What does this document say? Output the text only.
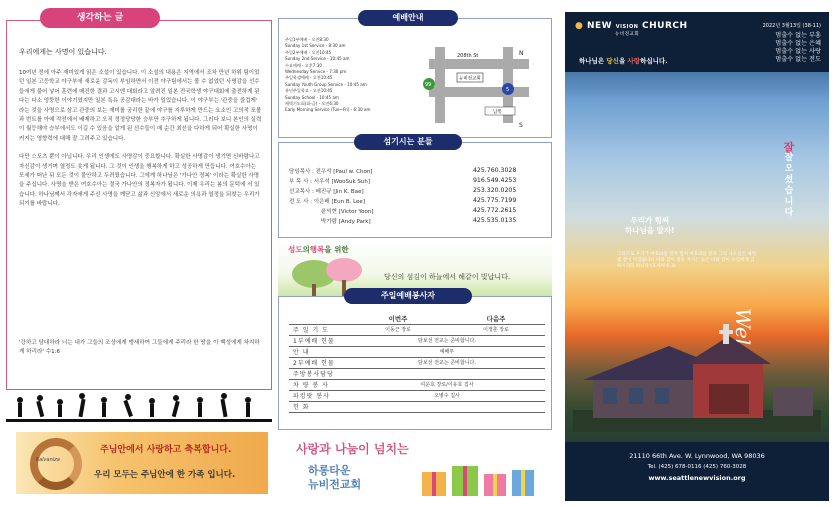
우리에게는 사명이 있습니다.

10여년 전에 아주 재미있게 읽은 소설이 있습니다. 이 소설의 내용은 지역에서 조차 만년 하위 팀이었던 일본 고등학교 야구부에 새로운 감독이 부임하면서 이전 야구팀에서는 볼 수 없었던 사명감을 선수들에게 불어 넣어 훈련에 매진한 결과 고시엔 대회라고 알려진 일본 전국학생 야구대회에 출전하게 된다는 다소 엉뚱한 이야기였지만 일본 특유 공감대라는 바가 일었습니다. 이 야구부는 '관중을 즐겁게' 라는 것을 사명으로 삼고 관중의 보는 재미를 궁리한 끝에 야구를 지루하게 만드는 요소인 고의적 포볼과 번트를 아예 작전에서 배제하고 오직 정정당당한 승부만 추구하게 됩니다. 그러다 보니 본인의 실력이 월등해야 승부에서도 이길 수 있음을 알게 된 선수들이 매 순간 최선을 다하게 되어 확실한 사명이 커지는 영향력에 대해 잘 그려주고 있습니다.

다만 스포츠 뿐이 아닙니다. 우리 인생에도 사명감이 중요합니다. 확실한 사명감이 생기면 신바람나고 자신감이 생기며 열정도 솟게 됩니다. 그 것이 인생을 행복하게 하고 성공하게 만듭니다. 여호수아는 모세가 떠난 뒤 모든 것이 불안하고 두려웠습니다. 그에게 하나님은 '가나안 정복' 이라는 확실한 사명을 주십니다. 사명을 받은 여호수아는 결국 가나안의 정복자가 됩니다. 이제 우리는 봄의 문턱에 서 있습니다. 하나님께서 각자에게 주신 사명을 깨닫고 삶과 신앙에서 새로운 의욕과 열정을 되찾는 우리가 되기를 바랍니다.

'강하고 담대하라 너는 내가 그들의 조상에게 맹세하여 그들에게 주리라 한 땅을 이 백성에게 차지하게 하리라' 수1:6
생각하는 글
Kalvaniza
주님안에서 사랑하고 축복합니다.
우리 모두는 주님안에 한 가족 입니다.
주일1부예배 - 오전8:30
Sunday 1st Service - 8:30 am
주일2부예배 - 오전10:45
Sunday 2nd Service - 10:45 am
수요예배 - 오후7:30
Wednesday Service - 7:30 pm
주일학생예배 - 오전10:45
Sunday Youth Group Service - 10:45 am
유년주일학교 - 오전10:45
Sunday School - 10:45 am
새벽기도회(화-금) - 오전6:30
Early Morning Service (Tue~Fri) - 6:30 am
208th St
뉴비전교회
99
5
N
S
남쪽
예배안내
담임목사 : 전우석 [Paul w. Chon]	425.760.3028
부 목 사 : 서우석 [WooSuk Suh]	916.549.4253
선교목사 : 배진규 [Jin K. Bae]	253.320.0205
전 도 사 : 이은배 [Eun B. Lee]	425.775.7199
윤익현 [Victor Yoon]	425.772.2615
박가람 [Andy Park]	425.535.0135
섬기시는 분들
성도의행복을 위한
당신의 섬김이 하늘에서 해같이 빛납니다.
	이번주	다음주
주 일 기 도	이동근 장로	이정훈 장로
1부예배 헌물	담보선 전교는 준비합니다.	
안 내	예배부	
2부예배 헌물	담보선 전교는 준비합니다.	
주방봉사담당		
차 량 봉 사	여운호 장로/이유호 집사	
파킹랏 봉사	오병수 집사	
헌 화		
주일예배봉사자
사랑과 나눔이 넘치는
하롱타운
뉴비전교회
● NEW VISION CHURCH
뉴비전교회
2022년 3월13일 (38-11)
멈출수 없는 부흥
멈출수 없는 은혜
멈출수 없는 사랑
멈출수 없는 전도
하나님은 당신을 사랑하십니다.
잘
잘오셨습니다
우리가 힘써
하나님을 알자!
그러므로 우리가 여호와를 알자 힘써 여호와를 알자 그의 나오심은 새벽 빛 같이 어김없나니 비와 같이 땅을 적시는 늦은 비와 같이 우리에게 임하시리라 하니라 (호세아 6:3)
21110 66th Ave. W. Lynnwood, WA 98036
Tel. (425) 678-0116 (425) 760-3028
www.seattlenewvision.org
